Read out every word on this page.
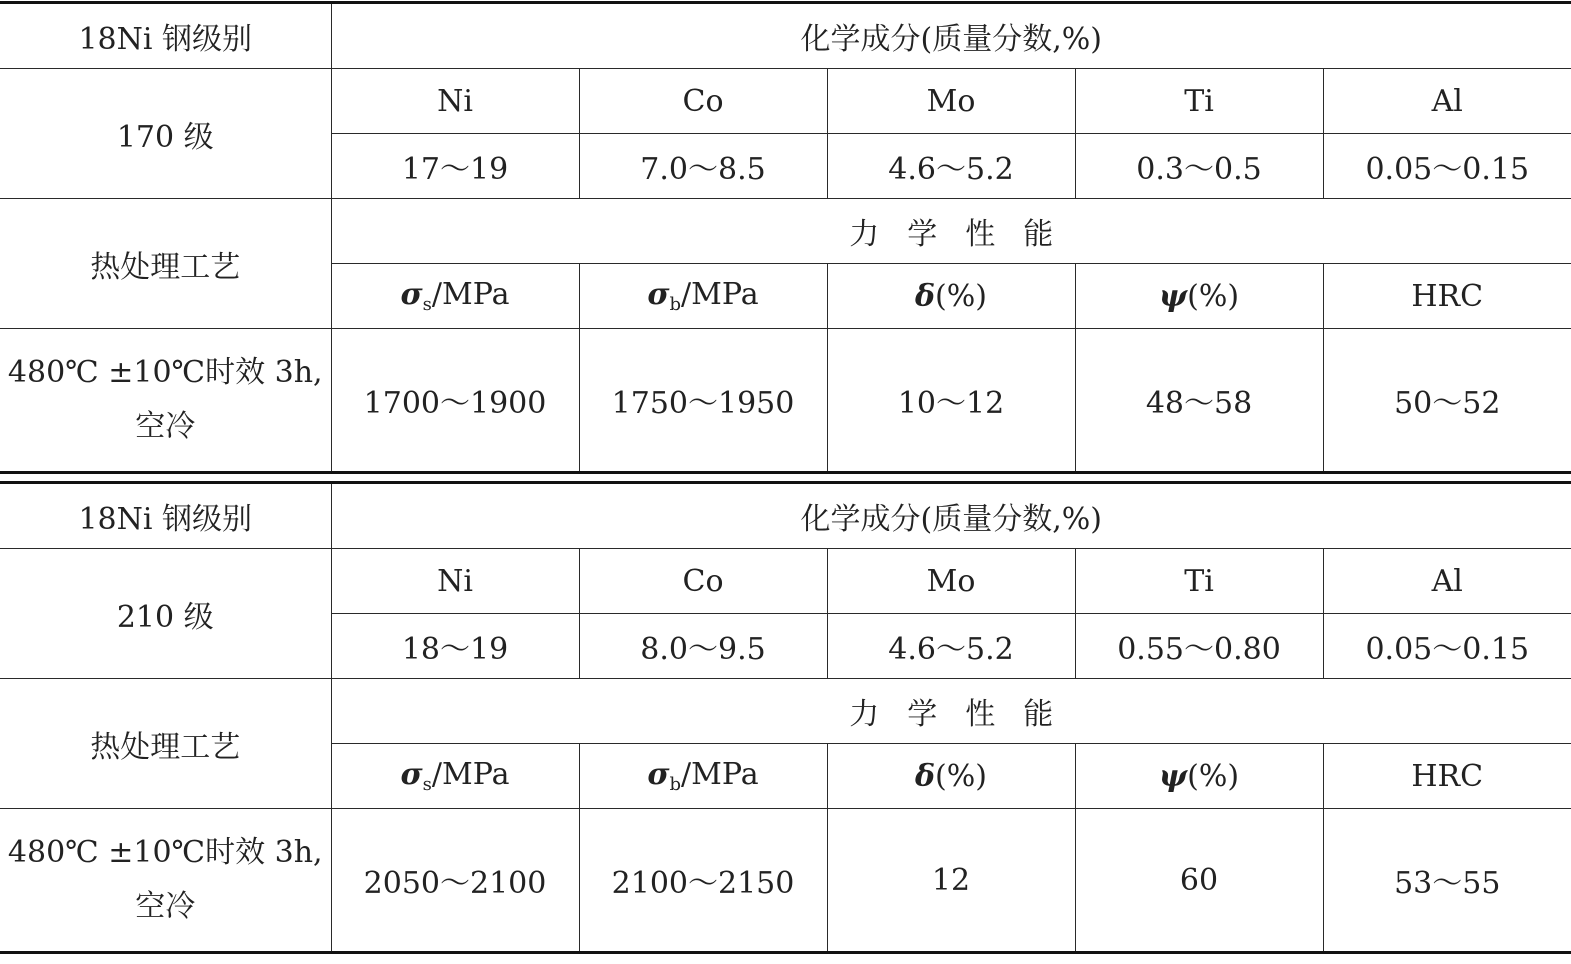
18Ni 钢级别	化学成分(质量分数,%)				
170 级	Ni	Co	Mo	Ti	Al
	17～19	7.0～8.5	4.6～5.2	0.3～0.5	0.05～0.15
热处理工艺	力学性能				
	$\sigma_s$/MPa	$\sigma_b$/MPa	δ(%)	ψ(%)	HRC
480℃ ±10℃时效 3h,空冷	1700～1900	1750～1950	10～12	48～58	50～52
18Ni 钢级别	化学成分(质量分数,%)				
210 级	Ni	Co	Mo	Ti	Al
	18～19	8.0～9.5	4.6～5.2	0.55～0.80	0.05～0.15
热处理工艺	力学性能				
	$\sigma_s$/MPa	$\sigma_b$/MPa	δ(%)	ψ(%)	HRC
480℃ ±10℃时效 3h,空冷	2050～2100	2100～2150	12	60	53～55
